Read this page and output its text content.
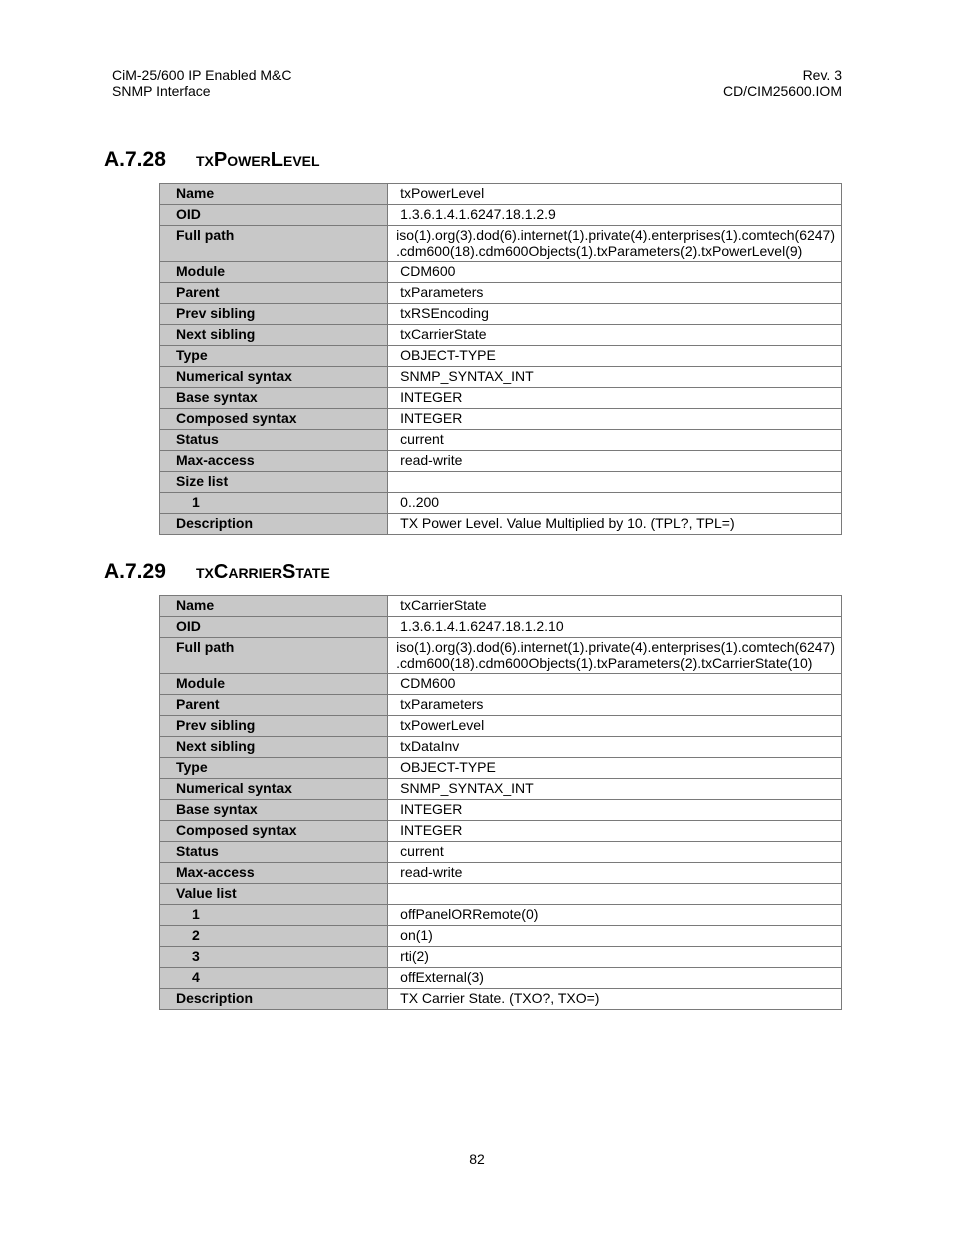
CiM-25/600 IP Enabled M&C
SNMP Interface
Rev. 3
CD/CIM25600.IOM
A.7.28 txPowerLevel
Name	txPowerLevel
OID	1.3.6.1.4.1.6247.18.1.2.9
Full path	iso(1).org(3).dod(6).internet(1).private(4).enterprises(1).comtech(6247)
.cdm600(18).cdm600Objects(1).txParameters(2).txPowerLevel(9)

Module	CDM600
Parent	txParameters
Prev sibling	txRSEncoding
Next sibling	txCarrierState
Type	OBJECT-TYPE
Numerical syntax	SNMP_SYNTAX_INT
Base syntax	INTEGER
Composed syntax	INTEGER
Status	current
Max-access	read-write
Size list	
1	0..200
Description	TX Power Level. Value Multiplied by 10. (TPL?, TPL=)
A.7.29 txCarrierState
Name	txCarrierState
OID	1.3.6.1.4.1.6247.18.1.2.10
Full path	iso(1).org(3).dod(6).internet(1).private(4).enterprises(1).comtech(6247)
.cdm600(18).cdm600Objects(1).txParameters(2).txCarrierState(10)

Module	CDM600
Parent	txParameters
Prev sibling	txPowerLevel
Next sibling	txDataInv
Type	OBJECT-TYPE
Numerical syntax	SNMP_SYNTAX_INT
Base syntax	INTEGER
Composed syntax	INTEGER
Status	current
Max-access	read-write
Value list	
1	offPanelORRemote(0)
2	on(1)
3	rti(2)
4	offExternal(3)
Description	TX Carrier State. (TXO?, TXO=)
82
